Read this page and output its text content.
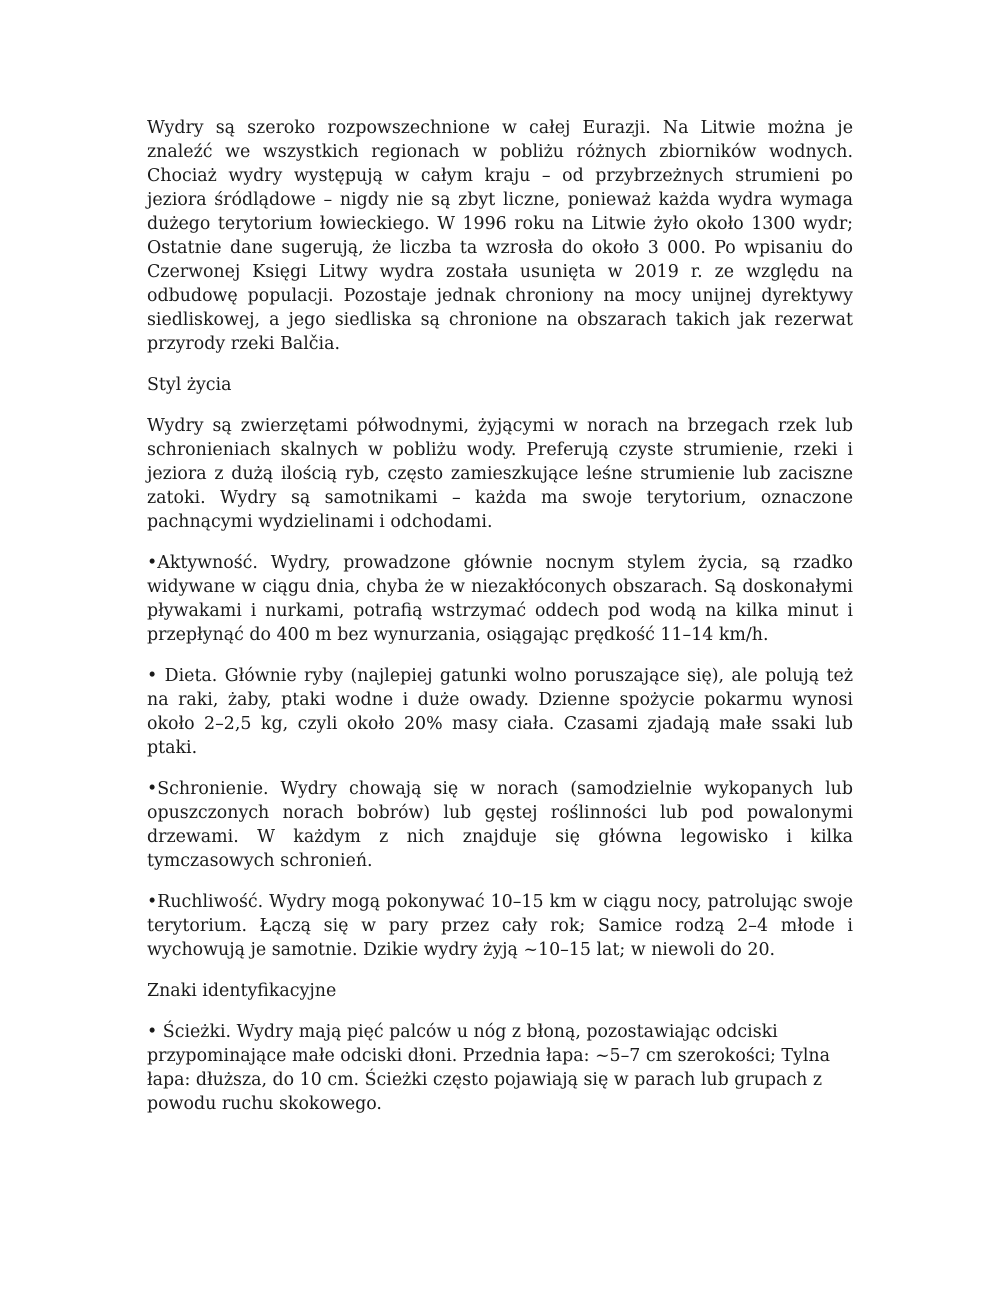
Wydry są szeroko rozpowszechnione w całej Eurazji. Na Litwie można je znaleźć we wszystkich regionach w pobliżu różnych zbiorników wodnych. Chociaż wydry występują w całym kraju – od przybrzeżnych strumieni po jeziora śródlądowe – nigdy nie są zbyt liczne, ponieważ każda wydra wymaga dużego terytorium łowieckiego. W 1996 roku na Litwie żyło około 1300 wydr; Ostatnie dane sugerują, że liczba ta wzrosła do około 3 000. Po wpisaniu do Czerwonej Księgi Litwy wydra została usunięta w 2019 r. ze względu na odbudowę populacji. Pozostaje jednak chroniony na mocy unijnej dyrektywy siedliskowej, a jego siedliska są chronione na obszarach takich jak rezerwat przyrody rzeki Balčia.

Styl życia

Wydry są zwierzętami półwodnymi, żyjącymi w norach na brzegach rzek lub schronieniach skalnych w pobliżu wody. Preferują czyste strumienie, rzeki i jeziora z dużą ilością ryb, często zamieszkujące leśne strumienie lub zaciszne zatoki. Wydry są samotnikami – każda ma swoje terytorium, oznaczone pachnącymi wydzielinami i odchodami.

•Aktywność. Wydry, prowadzone głównie nocnym stylem życia, są rzadko widywane w ciągu dnia, chyba że w niezakłóconych obszarach. Są doskonałymi pływakami i nurkami, potrafią wstrzymać oddech pod wodą na kilka minut i przepłynąć do 400 m bez wynurzania, osiągając prędkość 11–14 km/h.

• Dieta. Głównie ryby (najlepiej gatunki wolno poruszające się), ale polują też na raki, żaby, ptaki wodne i duże owady. Dzienne spożycie pokarmu wynosi około 2–2,5 kg, czyli około 20% masy ciała. Czasami zjadają małe ssaki lub ptaki.

•Schronienie. Wydry chowają się w norach (samodzielnie wykopanych lub opuszczonych norach bobrów) lub gęstej roślinności lub pod powalonymi drzewami. W każdym z nich znajduje się główna legowisko i kilka tymczasowych schronień.

•Ruchliwość. Wydry mogą pokonywać 10–15 km w ciągu nocy, patrolując swoje terytorium. Łączą się w pary przez cały rok; Samice rodzą 2–4 młode i wychowują je samotnie. Dzikie wydry żyją ~10–15 lat; w niewoli do 20.

Znaki identyfikacyjne

• Ścieżki. Wydry mają pięć palców u nóg z błoną, pozostawiając odciski przypominające małe odciski dłoni. Przednia łapa: ~5–7 cm szerokości; Tylna łapa: dłuższa, do 10 cm. Ścieżki często pojawiają się w parach lub grupach z powodu ruchu skokowego.
